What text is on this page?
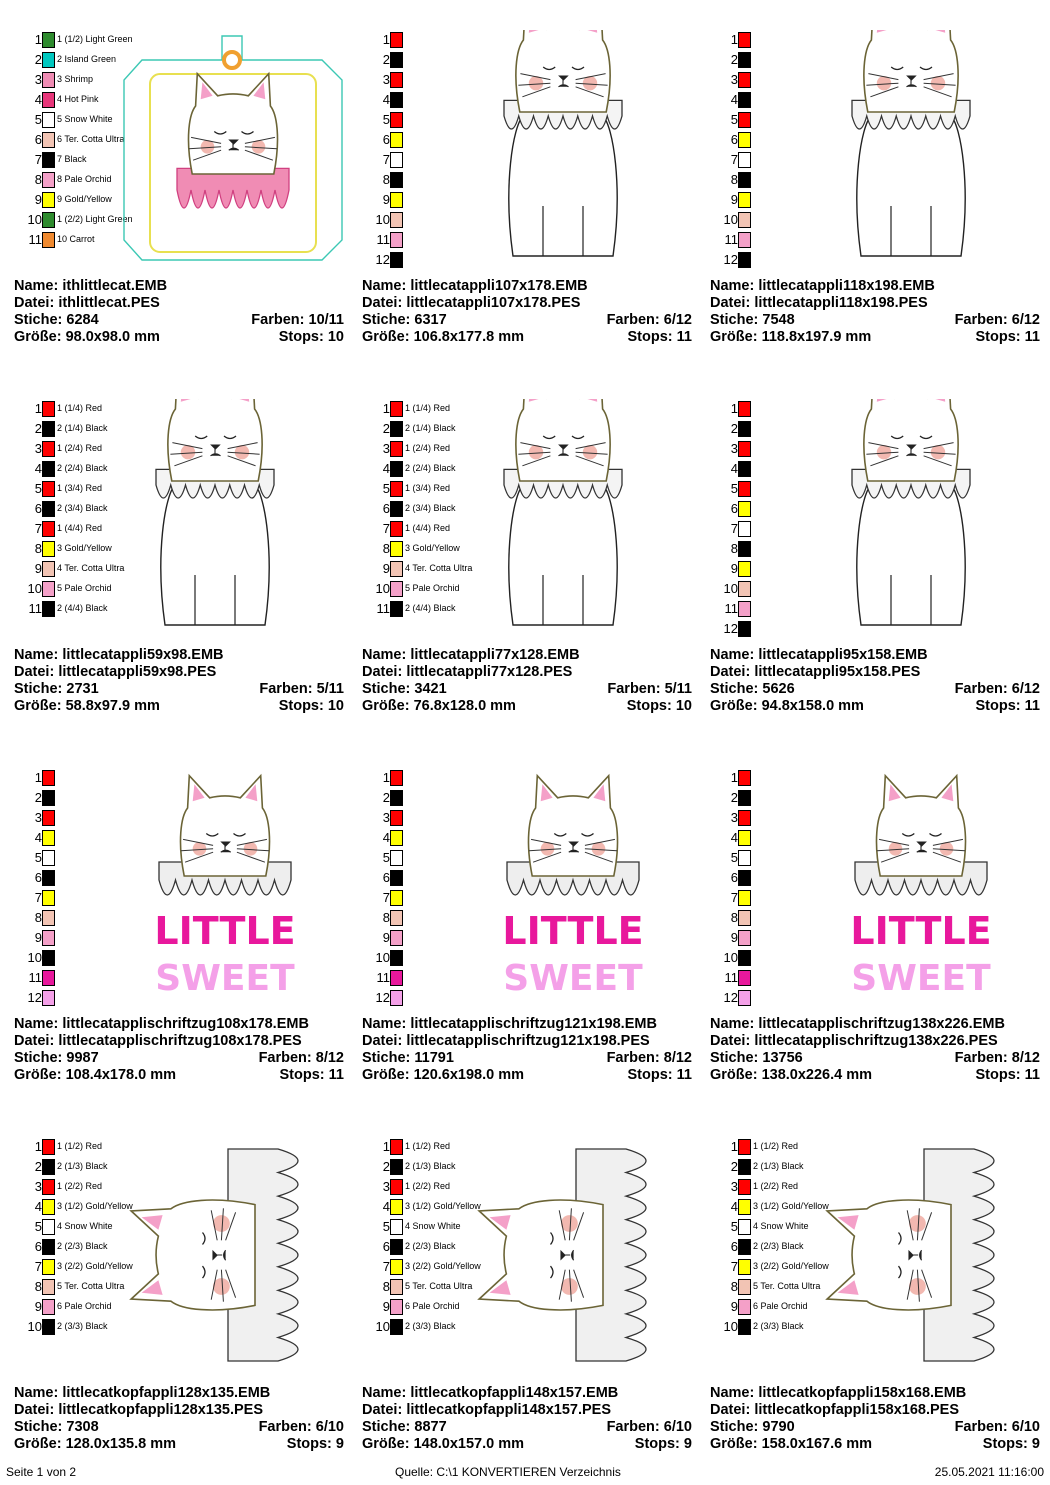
1 1 (1/2) Light Green
2 2 Island Green
3 3 Shrimp
4 4 Hot Pink
5 5 Snow White
6 6 Ter. Cotta Ultra
7 7 Black
8 8 Pale Orchid
9 9 Gold/Yellow
10 1 (2/2) Light Green
11 10 Carrot
Name: ithlittlecat.EMB
Datei: ithlittlecat.PES
Stiche: 6284	Farben: 10/11
Größe: 98.0x98.0 mm	Stops: 10
1
2
3
4
5
6
7
8
9
10
11
12
Name: littlecatappli107x178.EMB
Datei: littlecatappli107x178.PES
Stiche: 6317	Farben: 6/12
Größe: 106.8x177.8 mm	Stops: 11
1
2
3
4
5
6
7
8
9
10
11
12
Name: littlecatappli118x198.EMB
Datei: littlecatappli118x198.PES
Stiche: 7548	Farben: 6/12
Größe: 118.8x197.9 mm	Stops: 11
1 1 (1/4) Red
2 2 (1/4) Black
3 1 (2/4) Red
4 2 (2/4) Black
5 1 (3/4) Red
6 2 (3/4) Black
7 1 (4/4) Red
8 3 Gold/Yellow
9 4 Ter. Cotta Ultra
10 5 Pale Orchid
11 2 (4/4) Black
Name: littlecatappli59x98.EMB
Datei: littlecatappli59x98.PES
Stiche: 2731	Farben: 5/11
Größe: 58.8x97.9 mm	Stops: 10
1 1 (1/4) Red
2 2 (1/4) Black
3 1 (2/4) Red
4 2 (2/4) Black
5 1 (3/4) Red
6 2 (3/4) Black
7 1 (4/4) Red
8 3 Gold/Yellow
9 4 Ter. Cotta Ultra
10 5 Pale Orchid
11 2 (4/4) Black
Name: littlecatappli77x128.EMB
Datei: littlecatappli77x128.PES
Stiche: 3421	Farben: 5/11
Größe: 76.8x128.0 mm	Stops: 10
1
2
3
4
5
6
7
8
9
10
11
12
Name: littlecatappli95x158.EMB
Datei: littlecatappli95x158.PES
Stiche: 5626	Farben: 6/12
Größe: 94.8x158.0 mm	Stops: 11
1
2
3
4
5
6
7
8
9
10
11
12
LITTLE
SWEET
Name: littlecatapplischriftzug108x178.EMB
Datei: littlecatapplischriftzug108x178.PES
Stiche: 9987	Farben: 8/12
Größe: 108.4x178.0 mm	Stops: 11
1
2
3
4
5
6
7
8
9
10
11
12
LITTLE
SWEET
Name: littlecatapplischriftzug121x198.EMB
Datei: littlecatapplischriftzug121x198.PES
Stiche: 11791	Farben: 8/12
Größe: 120.6x198.0 mm	Stops: 11
1
2
3
4
5
6
7
8
9
10
11
12
LITTLE
SWEET
Name: littlecatapplischriftzug138x226.EMB
Datei: littlecatapplischriftzug138x226.PES
Stiche: 13756	Farben: 8/12
Größe: 138.0x226.4 mm	Stops: 11
1 1 (1/2) Red
2 2 (1/3) Black
3 1 (2/2) Red
4 3 (1/2) Gold/Yellow
5 4 Snow White
6 2 (2/3) Black
7 3 (2/2) Gold/Yellow
8 5 Ter. Cotta Ultra
9 6 Pale Orchid
10 2 (3/3) Black
Name: littlecatkopfappli128x135.EMB
Datei: littlecatkopfappli128x135.PES
Stiche: 7308	Farben: 6/10
Größe: 128.0x135.8 mm	Stops: 9
1 1 (1/2) Red
2 2 (1/3) Black
3 1 (2/2) Red
4 3 (1/2) Gold/Yellow
5 4 Snow White
6 2 (2/3) Black
7 3 (2/2) Gold/Yellow
8 5 Ter. Cotta Ultra
9 6 Pale Orchid
10 2 (3/3) Black
Name: littlecatkopfappli148x157.EMB
Datei: littlecatkopfappli148x157.PES
Stiche: 8877	Farben: 6/10
Größe: 148.0x157.0 mm	Stops: 9
1 1 (1/2) Red
2 2 (1/3) Black
3 1 (2/2) Red
4 3 (1/2) Gold/Yellow
5 4 Snow White
6 2 (2/3) Black
7 3 (2/2) Gold/Yellow
8 5 Ter. Cotta Ultra
9 6 Pale Orchid
10 2 (3/3) Black
Name: littlecatkopfappli158x168.EMB
Datei: littlecatkopfappli158x168.PES
Stiche: 9790	Farben: 6/10
Größe: 158.0x167.6 mm	Stops: 9
Seite 1 von 2	Quelle: C:\1 KONVERTIEREN Verzeichnis	25.05.2021 11:16:00
